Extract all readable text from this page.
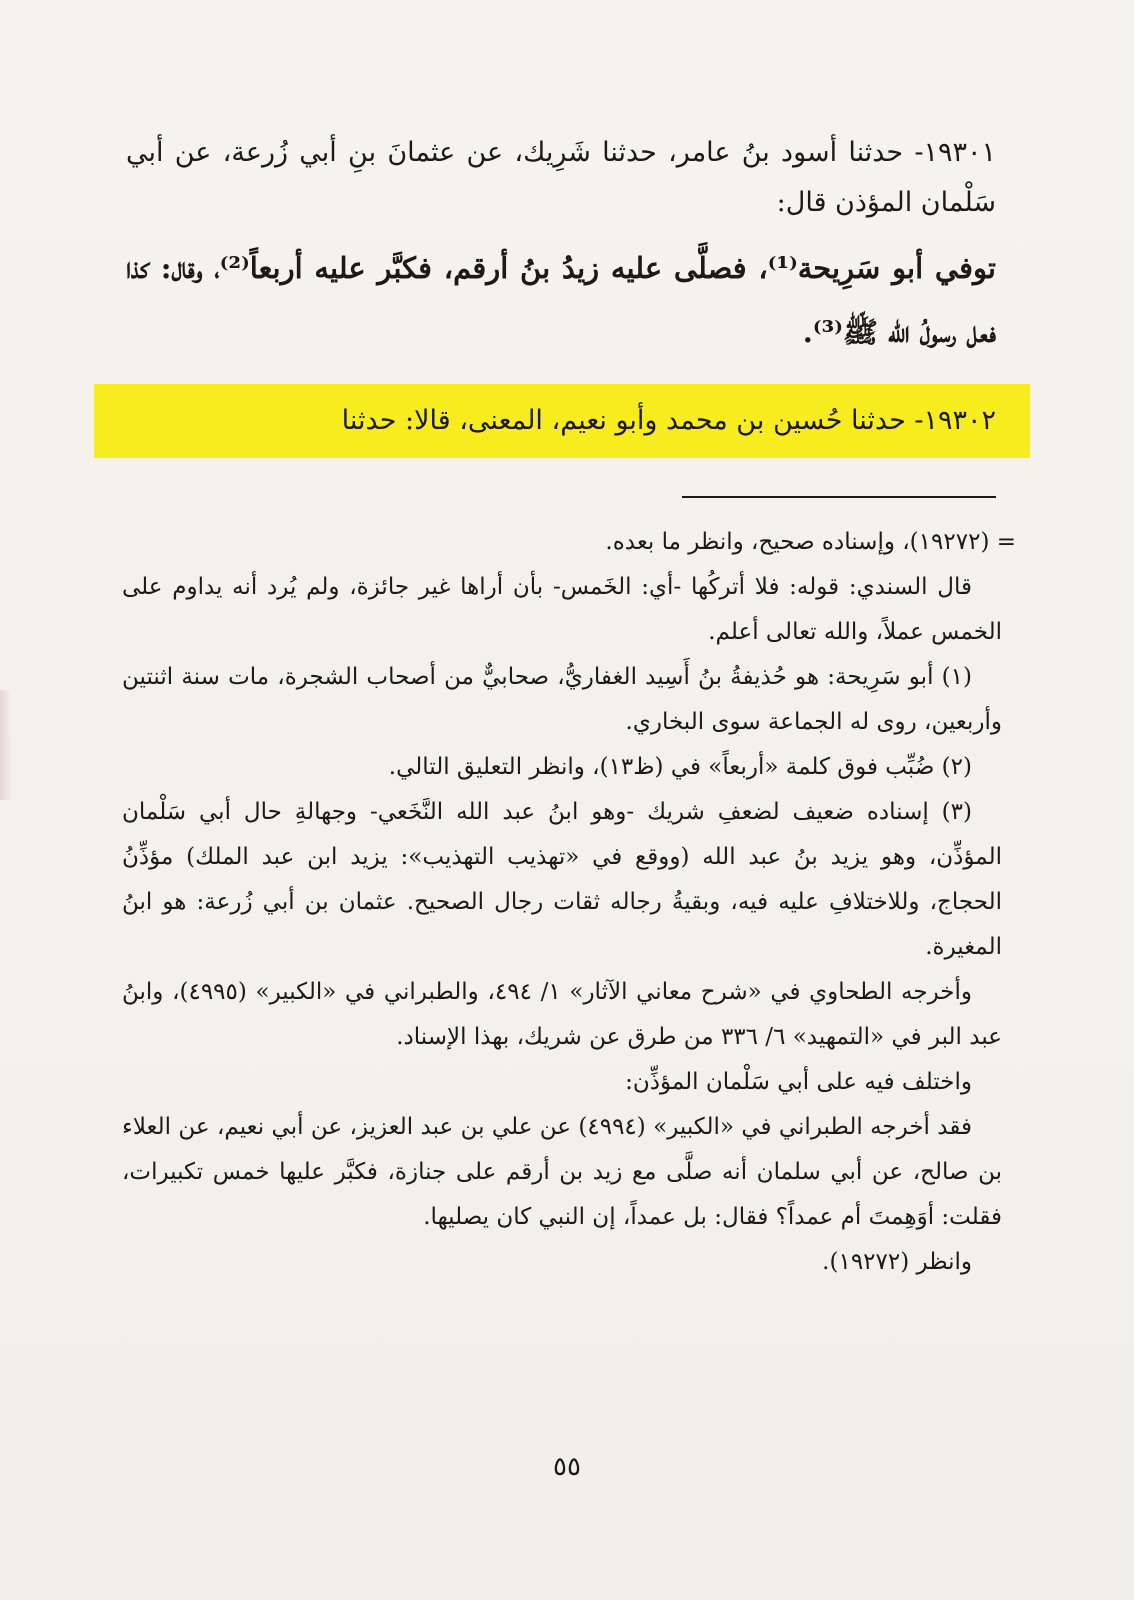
١٩٣٠١- حدثنا أسود بنُ عامر، حدثنا شَرِيك، عن عثمانَ بنِ أبي زُرعة، عن أبي سَلْمان المؤذن قال:

توفي أبو سَرِيحة⁽¹⁾، فصلَّى عليه زيدُ بنُ أرقم، فكبَّر عليه أربعاً⁽²⁾، وقال: كذا فعل رسولُ الله ﷺ⁽³⁾.

١٩٣٠٢- حدثنا حُسين بن محمد وأبو نعيم، المعنى، قالا: حدثنا

= (١٩٢٧٢)، وإسناده صحيح، وانظر ما بعده.

قال السندي: قوله: فلا أتركُها -أي: الخَمس- بأن أراها غير جائزة، ولم يُرد أنه يداوم على الخمس عملاً، والله تعالى أعلم.

(١) أبو سَرِيحة: هو حُذيفةُ بنُ أَسِيد الغفاريُّ، صحابيٌّ من أصحاب الشجرة، مات سنة اثنتين وأربعين، روى له الجماعة سوى البخاري.

(٢) ضُبِّب فوق كلمة «أربعاً» في (ظ١٣)، وانظر التعليق التالي.

(٣) إسناده ضعيف لضعفِ شريك -وهو ابنُ عبد الله النَّخَعي- وجهالةِ حال أبي سَلْمان المؤذِّن، وهو يزيد بنُ عبد الله (ووقع في «تهذيب التهذيب»: يزيد ابن عبد الملك) مؤذِّنُ الحجاج، وللاختلافِ عليه فيه، وبقيةُ رجاله ثقات رجال الصحيح. عثمان بن أبي زُرعة: هو ابنُ المغيرة.

وأخرجه الطحاوي في «شرح معاني الآثار» ١/ ٤٩٤، والطبراني في «الكبير» (٤٩٩٥)، وابنُ عبد البر في «التمهيد» ٦/ ٣٣٦ من طرق عن شريك، بهذا الإسناد.

واختلف فيه على أبي سَلْمان المؤذِّن:

فقد أخرجه الطبراني في «الكبير» (٤٩٩٤) عن علي بن عبد العزيز، عن أبي نعيم، عن العلاء بن صالح، عن أبي سلمان أنه صلَّى مع زيد بن أرقم على جنازة، فكبَّر عليها خمس تكبيرات، فقلت: أوَهِمتَ أم عمداً؟ فقال: بل عمداً، إن النبي كان يصليها.

وانظر (١٩٢٧٢).

٥٥
